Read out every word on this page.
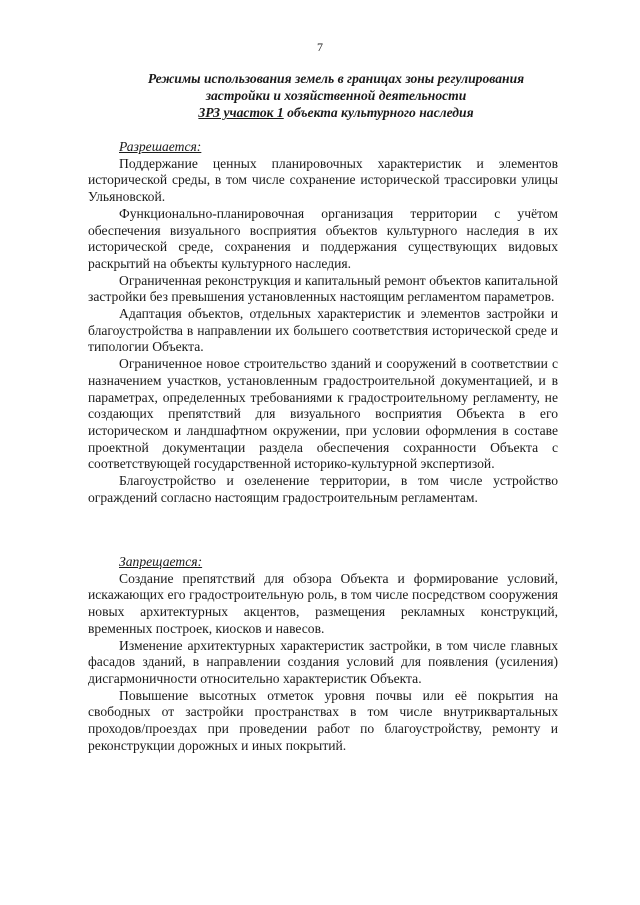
7
Режимы использования земель в границах зоны регулирования
застройки и хозяйственной деятельности
ЗРЗ участок 1 объекта культурного наследия
Разрешается:

Поддержание ценных планировочных характеристик и элементов исторической среды, в том числе сохранение исторической трассировки улицы Ульяновской.

Функционально-планировочная организация территории с учётом обеспечения визуального восприятия объектов культурного наследия в их исторической среде, сохранения и поддержания существующих видовых раскрытий на объекты культурного наследия.

Ограниченная реконструкция и капитальный ремонт объектов капитальной застройки без превышения установленных настоящим регламентом параметров.

Адаптация объектов, отдельных характеристик и элементов застройки и благоустройства в направлении их большего соответствия исторической среде и типологии Объекта.

Ограниченное новое строительство зданий и сооружений в соответствии с назначением участков, установленным градостроительной документацией, и в параметрах, определенных требованиями к градостроительному регламенту, не создающих препятствий для визуального восприятия Объекта в его историческом и ландшафтном окружении, при условии оформления в составе проектной документации раздела обеспечения сохранности Объекта с соответствующей государственной историко-культурной экспертизой.

Благоустройство и озеленение территории, в том числе устройство ограждений согласно настоящим градостроительным регламентам.

Запрещается:

Создание препятствий для обзора Объекта и формирование условий, искажающих его градостроительную роль, в том числе посредством сооружения новых архитектурных акцентов, размещения рекламных конструкций, временных построек, киосков и навесов.

Изменение архитектурных характеристик застройки, в том числе главных фасадов зданий, в направлении создания условий для появления (усиления) дисгармоничности относительно характеристик Объекта.

Повышение высотных отметок уровня почвы или её покрытия на свободных от застройки пространствах в том числе внутриквартальных проходов/проездах при проведении работ по благоустройству, ремонту и реконструкции дорожных и иных покрытий.
